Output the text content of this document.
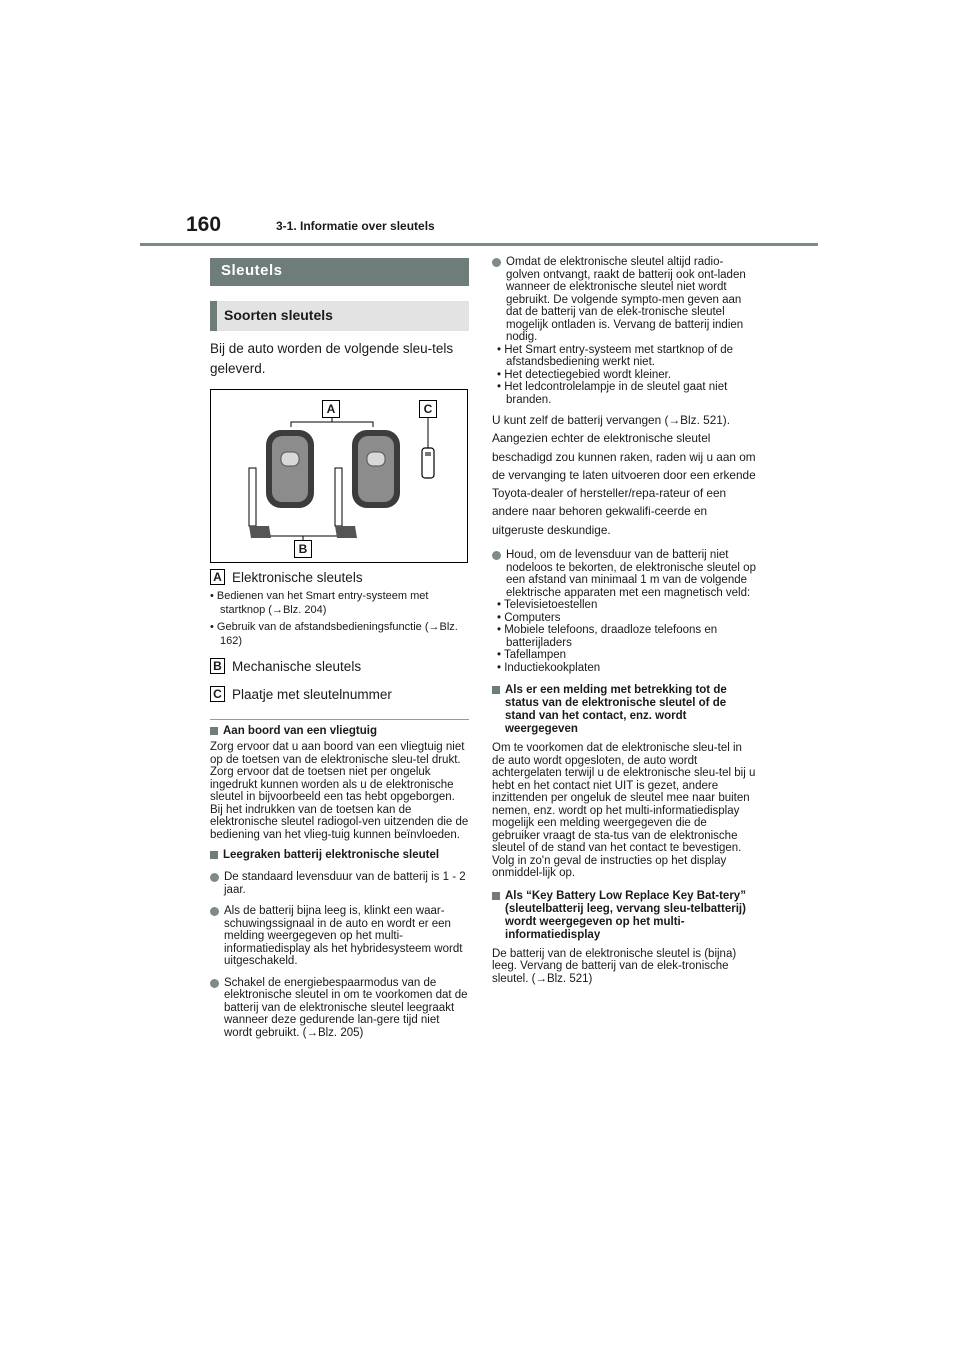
160	3-1. Informatie over sleutels
Sleutels
Soorten sleutels
Bij de auto worden de volgende sleu-tels geleverd.
A	C
B
A Elektronische sleutels
• Bedienen van het Smart entry-systeem met startknop (→Blz. 204)
• Gebruik van de afstandsbedieningsfunctie (→Blz. 162)
B Mechanische sleutels
C Plaatje met sleutelnummer
Aan boord van een vliegtuig
Zorg ervoor dat u aan boord van een vliegtuig niet op de toetsen van de elektronische sleu-tel drukt. Zorg ervoor dat de toetsen niet per ongeluk ingedrukt kunnen worden als u de elektronische sleutel in bijvoorbeeld een tas hebt opgeborgen. Bij het indrukken van de toetsen kan de elektronische sleutel radiogol-ven uitzenden die de bediening van het vlieg-tuig kunnen beïnvloeden.
Leegraken batterij elektronische sleutel
De standaard levensduur van de batterij is 1 - 2 jaar.
Als de batterij bijna leeg is, klinkt een waar-schuwingssignaal in de auto en wordt er een melding weergegeven op het multi-informatiedisplay als het hybridesysteem wordt uitgeschakeld.
Schakel de energiebespaarmodus van de elektronische sleutel in om te voorkomen dat de batterij van de elektronische sleutel leegraakt wanneer deze gedurende lan-gere tijd niet wordt gebruikt. (→Blz. 205)
Omdat de elektronische sleutel altijd radio-golven ontvangt, raakt de batterij ook ont-laden wanneer de elektronische sleutel niet wordt gebruikt. De volgende sympto-men geven aan dat de batterij van de elek-tronische sleutel mogelijk ontladen is. Vervang de batterij indien nodig.
• Het Smart entry-systeem met startknop of de afstandsbediening werkt niet.
• Het detectiegebied wordt kleiner.
• Het ledcontrolelampje in de sleutel gaat niet branden.
U kunt zelf de batterij vervangen (→Blz. 521). Aangezien echter de elektronische sleutel beschadigd zou kunnen raken, raden wij u aan om de vervanging te laten uitvoeren door een erkende Toyota-dealer of hersteller/repa-rateur of een andere naar behoren gekwalifi-ceerde en uitgeruste deskundige.
Houd, om de levensduur van de batterij niet nodeloos te bekorten, de elektronische sleutel op een afstand van minimaal 1 m van de volgende elektrische apparaten met een magnetisch veld:
• Televisietoestellen
• Computers
• Mobiele telefoons, draadloze telefoons en batterijladers
• Tafellampen
• Inductiekookplaten
Als er een melding met betrekking tot de status van de elektronische sleutel of de stand van het contact, enz. wordt weergegeven
Om te voorkomen dat de elektronische sleu-tel in de auto wordt opgesloten, de auto wordt achtergelaten terwijl u de elektronische sleu-tel bij u hebt en het contact niet UIT is gezet, andere inzittenden per ongeluk de sleutel mee naar buiten nemen, enz. wordt op het multi-informatiedisplay mogelijk een melding weergegeven die de gebruiker vraagt de sta-tus van de elektronische sleutel of de stand van het contact te bevestigen. Volg in zo'n geval de instructies op het display onmiddel-lijk op.
Als “Key Battery Low Replace Key Bat-tery” (sleutelbatterij leeg, vervang sleu-telbatterij) wordt weergegeven op het multi-informatiedisplay
De batterij van de elektronische sleutel is (bijna) leeg. Vervang de batterij van de elek-tronische sleutel. (→Blz. 521)
